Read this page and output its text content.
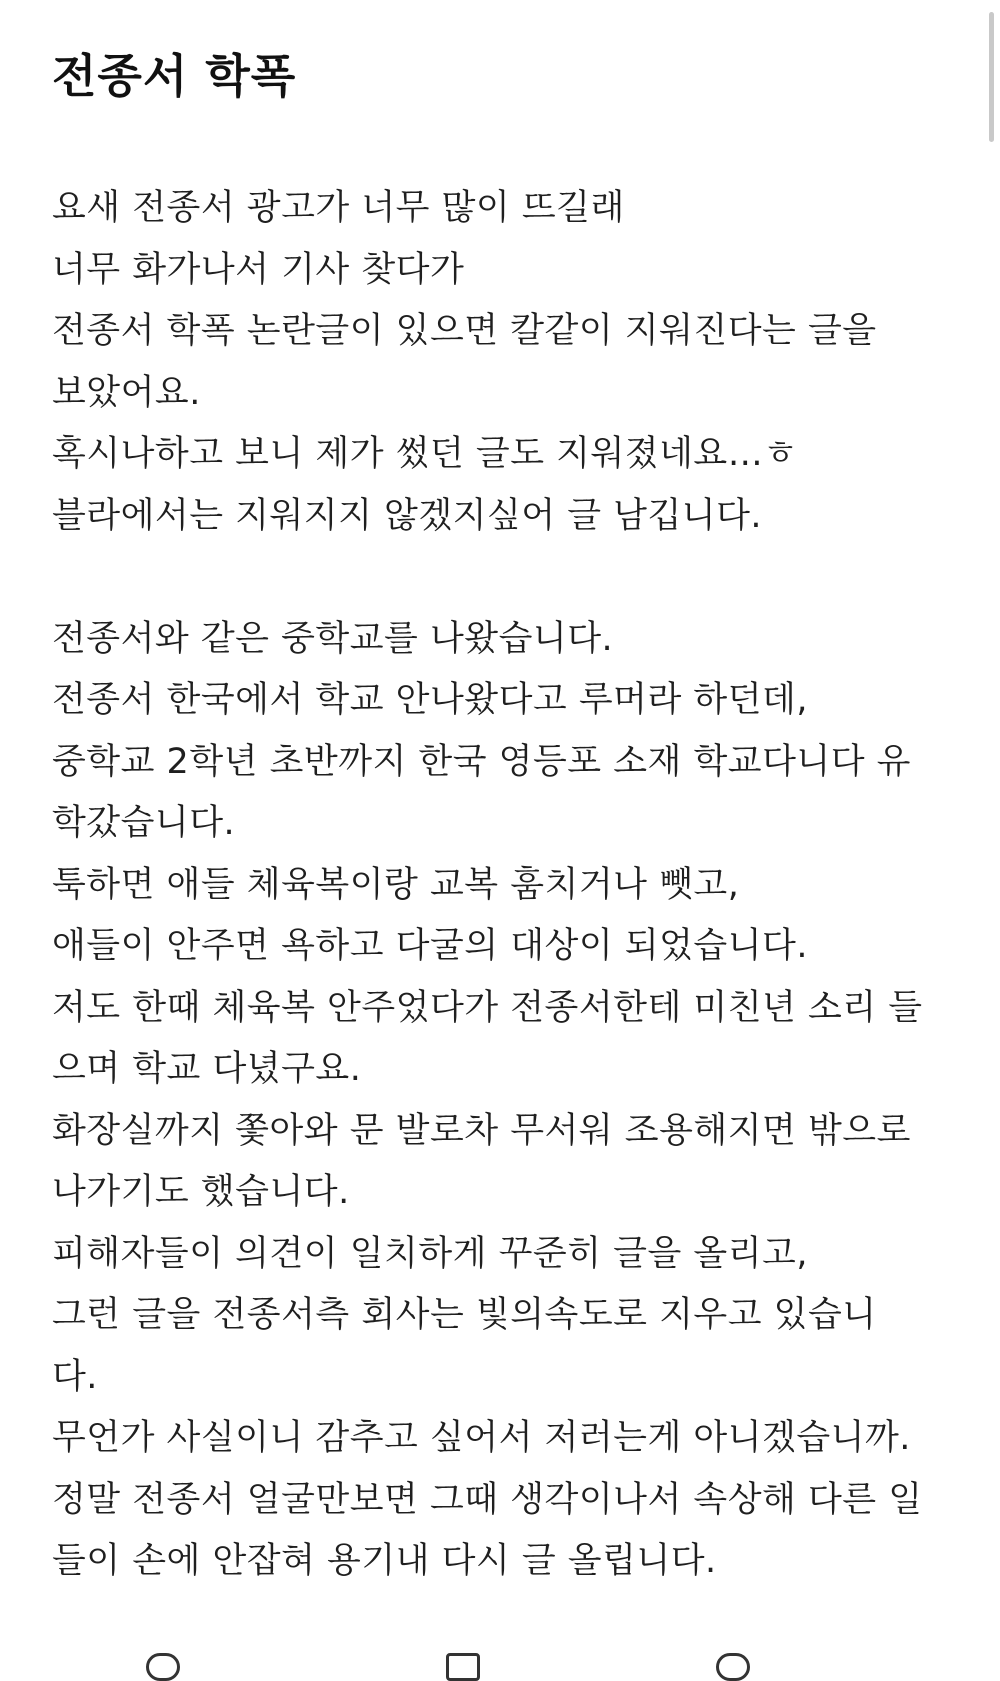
전종서 학폭
요새 전종서 광고가 너무 많이 뜨길래
너무 화가나서 기사 찾다가
전종서 학폭 논란글이 있으면 칼같이 지워진다는 글을
보았어요.
혹시나하고 보니 제가 썼던 글도 지워졌네요…ㅎ
블라에서는 지워지지 않겠지싶어 글 남깁니다.
전종서와 같은 중학교를 나왔습니다.
전종서 한국에서 학교 안나왔다고 루머라 하던데,
중학교 2학년 초반까지 한국 영등포 소재 학교다니다 유
학갔습니다.
툭하면 애들 체육복이랑 교복 훔치거나 뺏고,
애들이 안주면 욕하고 다굴의 대상이 되었습니다.
저도 한때 체육복 안주었다가 전종서한테 미친년 소리 들
으며 학교 다녔구요.
화장실까지 쫓아와 문 발로차 무서워 조용해지면 밖으로
나가기도 했습니다.
피해자들이 의견이 일치하게 꾸준히 글을 올리고,
그런 글을 전종서측 회사는 빛의속도로 지우고 있습니
다.
무언가 사실이니 감추고 싶어서 저러는게 아니겠습니까.
정말 전종서 얼굴만보면 그때 생각이나서 속상해 다른 일
들이 손에 안잡혀 용기내 다시 글 올립니다.
